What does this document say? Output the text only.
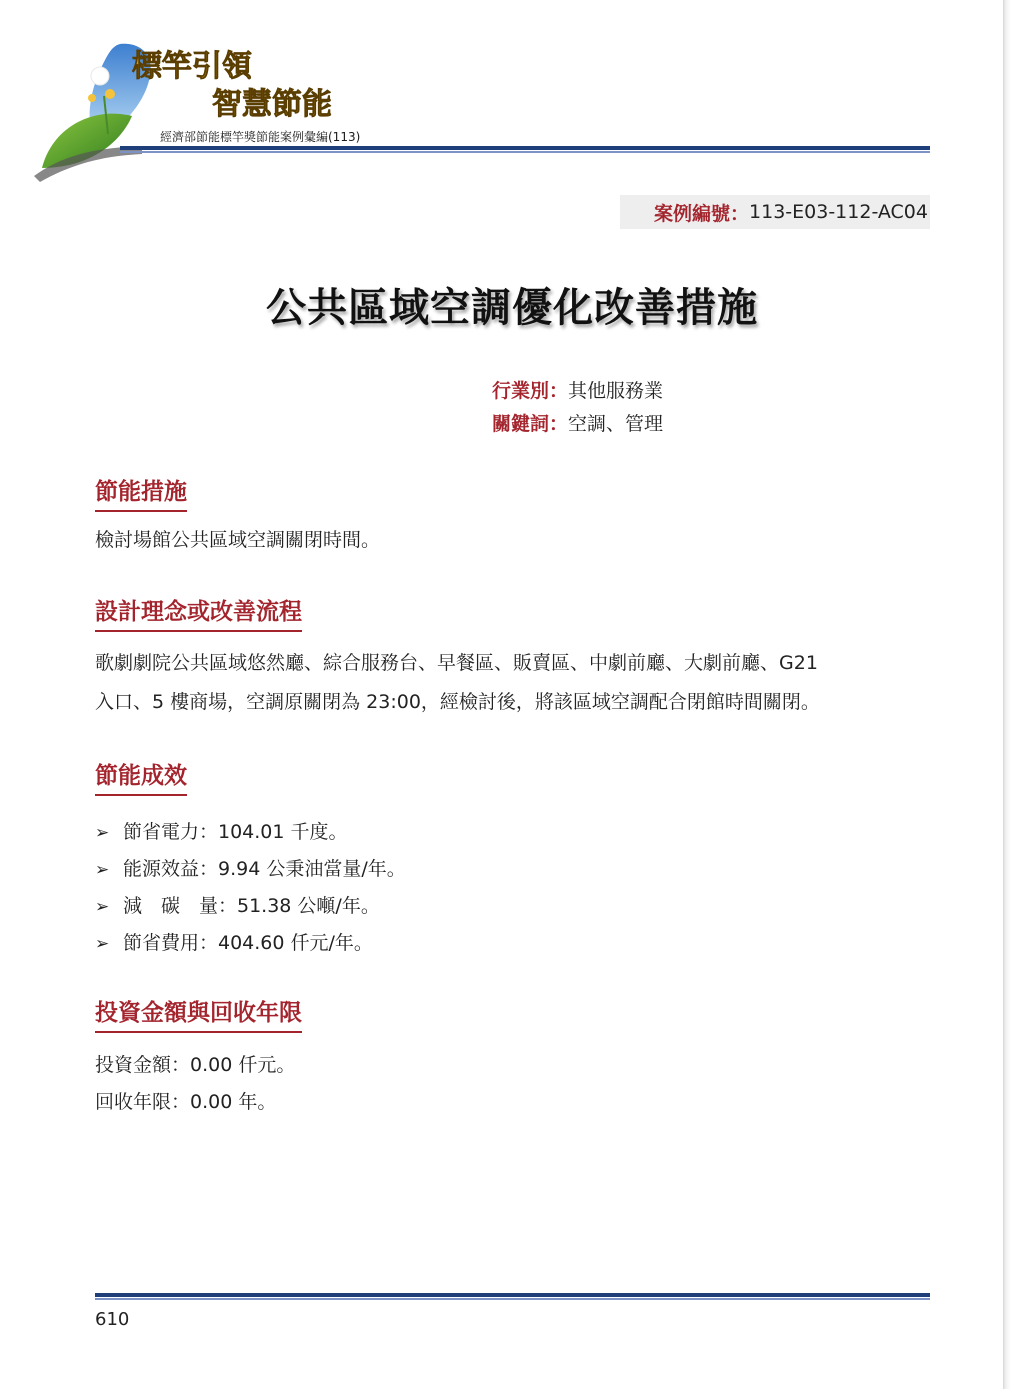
標竿引領
智慧節能
經濟部節能標竿獎節能案例彙編(113)
案例編號： 113-E03-112-AC04
公共區域空調優化改善措施
行業別：其他服務業
關鍵詞：空調、管理
節能措施
檢討場館公共區域空調關閉時間。
設計理念或改善流程
歌劇劇院公共區域悠然廳、綜合服務台、早餐區、販賣區、中劇前廳、大劇前廳、G21
入口、5 樓商場，空調原關閉為 23:00，經檢討後，將該區域空調配合閉館時間關閉。
節能成效
➢ 節省電力：104.01 千度。
➢ 能源效益：9.94 公秉油當量/年。
➢ 減　碳　量：51.38 公噸/年。
➢ 節省費用：404.60 仟元/年。
投資金額與回收年限
投資金額：0.00 仟元。
回收年限：0.00 年。
610
